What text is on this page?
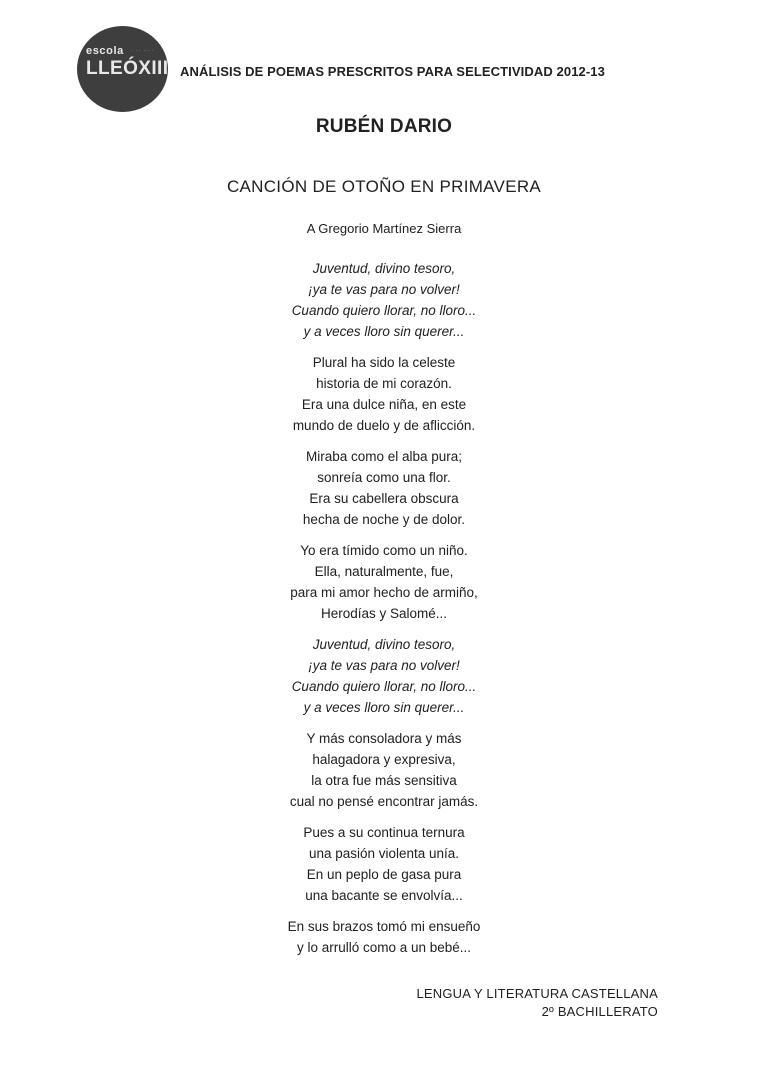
escola · ·· ····
LLEÓXIII ANÁLISIS DE POEMAS PRESCRITOS PARA SELECTIVIDAD 2012-13
RUBÉN DARIO
CANCIÓN DE OTOÑO EN PRIMAVERA
A Gregorio Martínez Sierra
Juventud, divino tesoro,
¡ya te vas para no volver!
Cuando quiero llorar, no lloro...
y a veces lloro sin querer...
Plural ha sido la celeste
historia de mi corazón.
Era una dulce niña, en este
mundo de duelo y de aflicción.
Miraba como el alba pura;
sonreía como una flor.
Era su cabellera obscura
hecha de noche y de dolor.
Yo era tímido como un niño.
Ella, naturalmente, fue,
para mi amor hecho de armiño,
Herodías y Salomé...
Juventud, divino tesoro,
¡ya te vas para no volver!
Cuando quiero llorar, no lloro...
y a veces lloro sin querer...
Y más consoladora y más
halagadora y expresiva,
la otra fue más sensitiva
cual no pensé encontrar jamás.
Pues a su continua ternura
una pasión violenta unía.
En un peplo de gasa pura
una bacante se envolvía...
En sus brazos tomó mi ensueño
y lo arrulló como a un bebé...
LENGUA Y LITERATURA CASTELLANA
2º BACHILLERATO
